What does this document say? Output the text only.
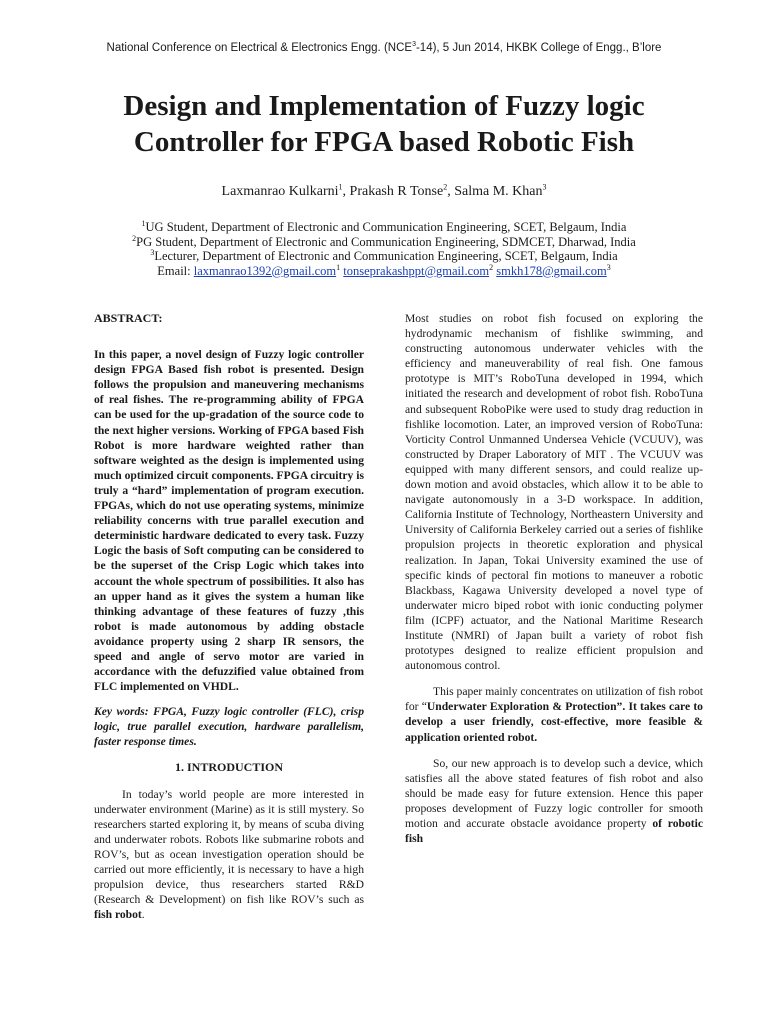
National Conference on Electrical & Electronics Engg. (NCE$^3$-14), 5 Jun 2014, HKBK College of Engg., B’lore
Design and Implementation of Fuzzy logic
Controller for FPGA based Robotic Fish
Laxmanrao Kulkarni$^1$, Prakash R Tonse$^2$, Salma M. Khan$^3$
$^1$UG Student, Department of Electronic and Communication Engineering, SCET, Belgaum, India
$^2$PG Student, Department of Electronic and Communication Engineering, SDMCET, Dharwad, India
$^3$Lecturer, Department of Electronic and Communication Engineering, SCET, Belgaum, India
Email: laxmanrao1392@gmail.com$^1$ tonseprakashppt@gmail.com$^2$ smkh178@gmail.com$^3$
ABSTRACT:
In this paper, a novel design of Fuzzy logic controller design FPGA Based fish robot is presented. Design follows the propulsion and maneuvering mechanisms of real fishes. The re-programming ability of FPGA can be used for the up-gradation of the source code to the next higher versions. Working of FPGA based Fish Robot is more hardware weighted rather than software weighted as the design is implemented using much optimized circuit components. FPGA circuitry is truly a “hard” implementation of program execution. FPGAs, which do not use operating systems, minimize reliability concerns with true parallel execution and deterministic hardware dedicated to every task. Fuzzy Logic the basis of Soft computing can be considered to be the superset of the Crisp Logic which takes into account the whole spectrum of possibilities. It also has an upper hand as it gives the system a human like thinking advantage of these features of fuzzy ,this robot is made autonomous by adding obstacle avoidance property using 2 sharp IR sensors, the speed and angle of servo motor are varied in accordance with the defuzzified value obtained from FLC implemented on VHDL.
Key words: FPGA, Fuzzy logic controller (FLC), crisp logic, true parallel execution, hardware parallelism, faster response times.
1. INTRODUCTION
In today’s world people are more interested in underwater environment (Marine) as it is still mystery. So researchers started exploring it, by means of scuba diving and underwater robots. Robots like submarine robots and ROV’s, but as ocean investigation operation should be carried out more efficiently, it is necessary to have a high propulsion device, thus researchers started R&D (Research & Development) on fish like ROV’s such as fish robot.
Most studies on robot fish focused on exploring the hydrodynamic mechanism of fishlike swimming, and constructing autonomous underwater vehicles with the efficiency and maneuverability of real fish. One famous prototype is MIT’s RoboTuna developed in 1994, which initiated the research and development of robot fish. RoboTuna and subsequent RoboPike were used to study drag reduction in fishlike locomotion. Later, an improved version of RoboTuna: Vorticity Control Unmanned Undersea Vehicle (VCUUV), was constructed by Draper Laboratory of MIT . The VCUUV was equipped with many different sensors, and could realize up-down motion and avoid obstacles, which allow it to be able to navigate autonomously in a 3-D workspace. In addition, California Institute of Technology, Northeastern University and University of California Berkeley carried out a series of fishlike propulsion projects in theoretic exploration and physical realization. In Japan, Tokai University examined the use of specific kinds of pectoral fin motions to maneuver a robotic Blackbass, Kagawa University developed a novel type of underwater micro biped robot with ionic conducting polymer film (ICPF) actuator, and the National Maritime Research Institute (NMRI) of Japan built a variety of robot fish prototypes designed to realize efficient propulsion and autonomous control.
This paper mainly concentrates on utilization of fish robot for “Underwater Exploration & Protection”. It takes care to develop a user friendly, cost-effective, more feasible & application oriented robot.
So, our new approach is to develop such a device, which satisfies all the above stated features of fish robot and also should be made easy for future extension. Hence this paper proposes development of Fuzzy logic controller for smooth motion and accurate obstacle avoidance property of robotic fish
